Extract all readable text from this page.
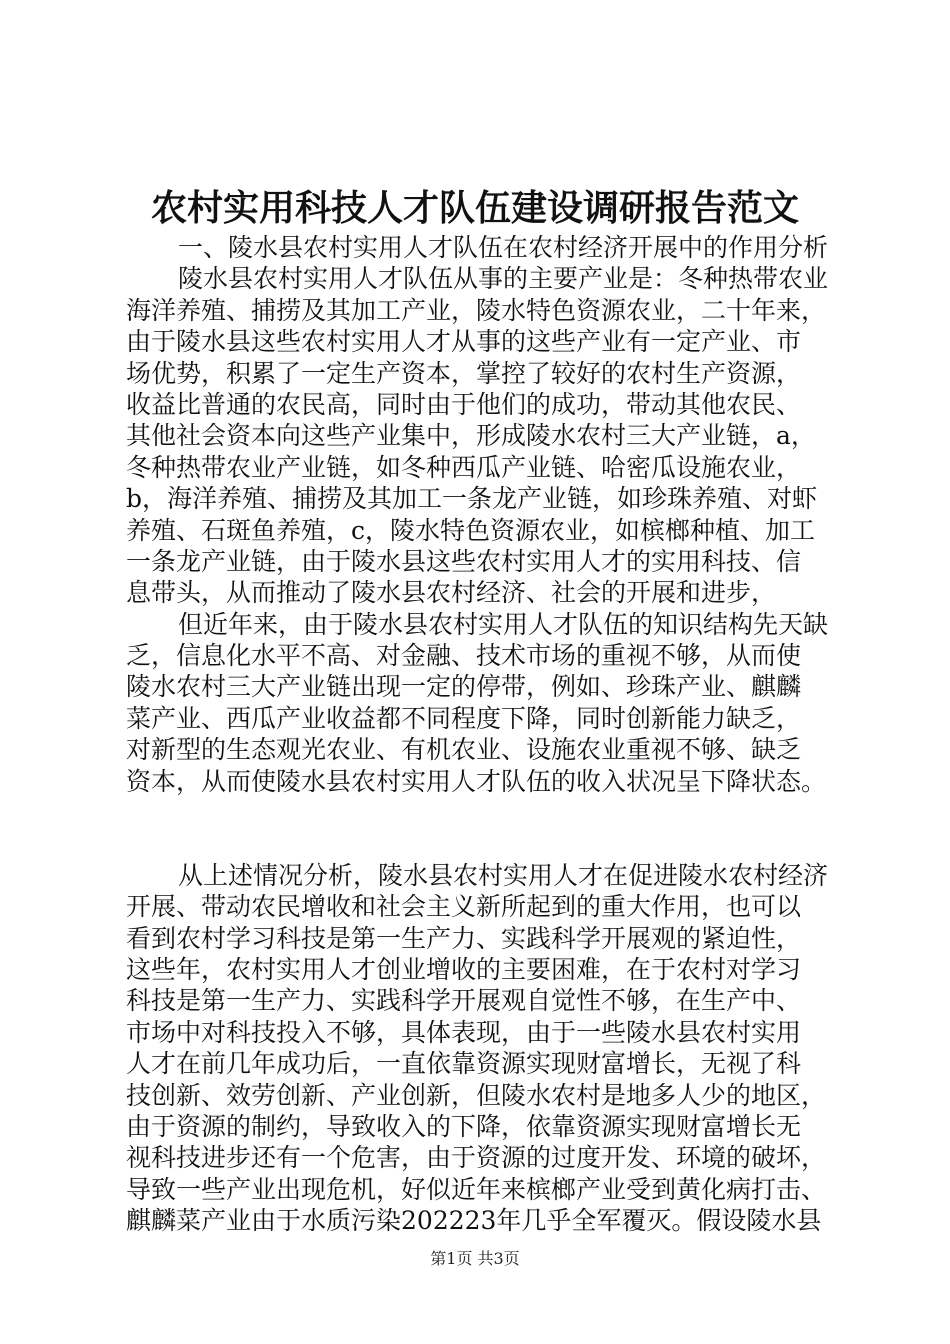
农村实用科技人才队伍建设调研报告范文
一、陵水县农村实用人才队伍在农村经济开展中的作用分析
陵水县农村实用人才队伍从事的主要产业是：冬种热带农业
海洋养殖、捕捞及其加工产业，陵水特色资源农业，二十年来，
由于陵水县这些农村实用人才从事的这些产业有一定产业、市
场优势，积累了一定生产资本，掌控了较好的农村生产资源，
收益比普通的农民高，同时由于他们的成功，带动其他农民、
其他社会资本向这些产业集中，形成陵水农村三大产业链，a，
冬种热带农业产业链，如冬种西瓜产业链、哈密瓜设施农业，
b，海洋养殖、捕捞及其加工一条龙产业链，如珍珠养殖、对虾
养殖、石斑鱼养殖，c，陵水特色资源农业，如槟榔种植、加工
一条龙产业链，由于陵水县这些农村实用人才的实用科技、信
息带头，从而推动了陵水县农村经济、社会的开展和进步，
但近年来，由于陵水县农村实用人才队伍的知识结构先天缺
乏，信息化水平不高、对金融、技术市场的重视不够，从而使
陵水农村三大产业链出现一定的停带，例如、珍珠产业、麒麟
菜产业、西瓜产业收益都不同程度下降，同时创新能力缺乏，
对新型的生态观光农业、有机农业、设施农业重视不够、缺乏
资本，从而使陵水县农村实用人才队伍的收入状况呈下降状态。
从上述情况分析，陵水县农村实用人才在促进陵水农村经济
开展、带动农民增收和社会主义新所起到的重大作用，也可以
看到农村学习科技是第一生产力、实践科学开展观的紧迫性，
这些年，农村实用人才创业增收的主要困难，在于农村对学习
科技是第一生产力、实践科学开展观自觉性不够，在生产中、
市场中对科技投入不够，具体表现，由于一些陵水县农村实用
人才在前几年成功后，一直依靠资源实现财富增长，无视了科
技创新、效劳创新、产业创新，但陵水农村是地多人少的地区，
由于资源的制约，导致收入的下降，依靠资源实现财富增长无
视科技进步还有一个危害，由于资源的过度开发、环境的破坏，
导致一些产业出现危机，好似近年来槟榔产业受到黄化病打击、
麒麟菜产业由于水质污染202223年几乎全军覆灭。假设陵水县
第1页 共3页
